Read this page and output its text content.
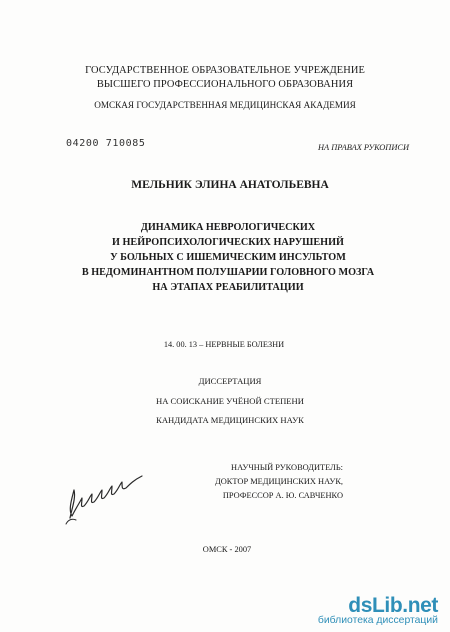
ГОСУДАРСТВЕННОЕ ОБРАЗОВАТЕЛЬНОЕ УЧРЕЖДЕНИЕ
ВЫСШЕГО ПРОФЕССИОНАЛЬНОГО ОБРАЗОВАНИЯ
ОМСКАЯ ГОСУДАРСТВЕННАЯ МЕДИЦИНСКАЯ АКАДЕМИЯ
04200 710085	НА ПРАВАХ РУКОПИСИ
МЕЛЬНИК ЭЛИНА АНАТОЛЬЕВНА
ДИНАМИКА НЕВРОЛОГИЧЕСКИХ
И НЕЙРОПСИХОЛОГИЧЕСКИХ НАРУШЕНИЙ
У БОЛЬНЫХ С ИШЕМИЧЕСКИМ ИНСУЛЬТОМ
В НЕДОМИНАНТНОМ ПОЛУШАРИИ ГОЛОВНОГО МОЗГА
НА ЭТАПАХ РЕАБИЛИТАЦИИ
14. 00. 13 – НЕРВНЫЕ БОЛЕЗНИ
ДИССЕРТАЦИЯ
НА СОИСКАНИЕ УЧЁНОЙ СТЕПЕНИ
КАНДИДАТА МЕДИЦИНСКИХ НАУК
НАУЧНЫЙ РУКОВОДИТЕЛЬ:
ДОКТОР МЕДИЦИНСКИХ НАУК,
ПРОФЕССОР А. Ю. САВЧЕНКО
ОМСК - 2007
dsLib.net
библиотека диссертаций
